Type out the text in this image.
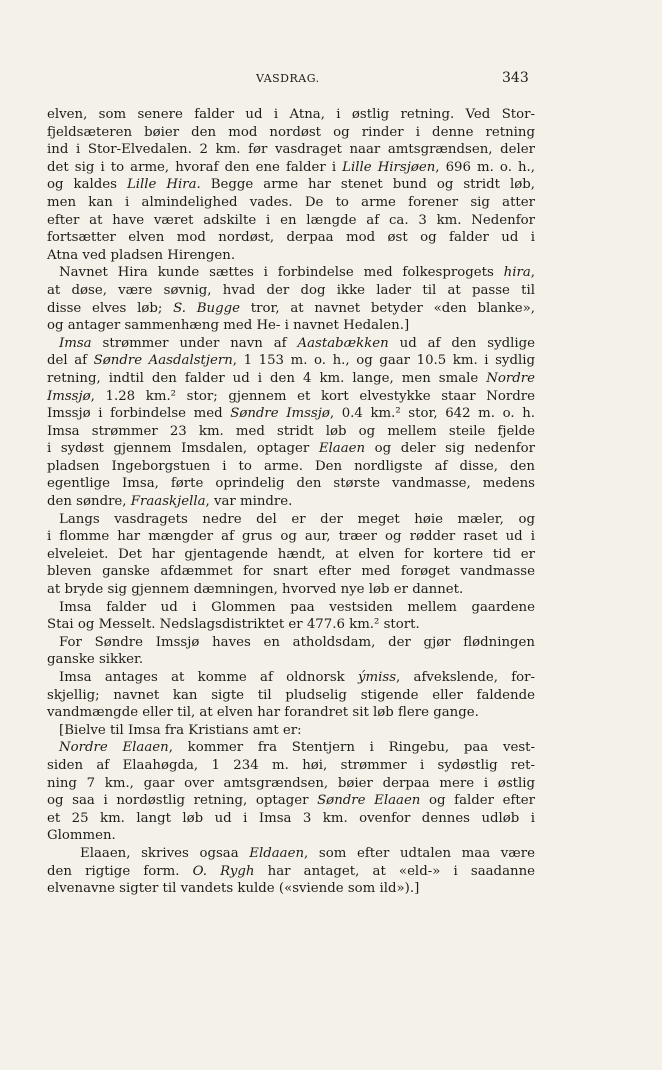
VASDRAG.	343
elven, som senere falder ud i Atna, i østlig retning. Ved Stor-
fjeldsæteren bøier den mod nordøst og rinder i denne retning
ind i Stor-Elvedalen. 2 km. før vasdraget naar amtsgrændsen, deler
det sig i to arme, hvoraf den ene falder i Lille Hirsjøen, 696 m. o. h.,
og kaldes Lille Hira. Begge arme har stenet bund og stridt løb,
men kan i almindelighed vades. De to arme forener sig atter
efter at have været adskilte i en længde af ca. 3 km. Nedenfor
fortsætter elven mod nordøst, derpaa mod øst og falder ud i
Atna ved pladsen Hirengen.
Navnet Hira kunde sættes i forbindelse med folkesprogets hira,
at døse, være søvnig, hvad der dog ikke lader til at passe til
disse elves løb; S. Bugge tror, at navnet betyder «den blanke»,
og antager sammenhæng med He- i navnet Hedalen.]
Imsa strømmer under navn af Aastabækken ud af den sydlige
del af Søndre Aasdalstjern, 1 153 m. o. h., og gaar 10.5 km. i sydlig
retning, indtil den falder ud i den 4 km. lange, men smale Nordre
Imssjø, 1.28 km.² stor; gjennem et kort elvestykke staar Nordre
Imssjø i forbindelse med Søndre Imssjø, 0.4 km.² stor, 642 m. o. h.
Imsa strømmer 23 km. med stridt løb og mellem steile fjelde
i sydøst gjennem Imsdalen, optager Elaaen og deler sig nedenfor
pladsen Ingeborgstuen i to arme. Den nordligste af disse, den
egentlige Imsa, førte oprindelig den største vandmasse, medens
den søndre, Fraaskjella, var mindre.
Langs vasdragets nedre del er der meget høie mæler, og
i flomme har mængder af grus og aur, træer og rødder raset ud i
elveleiet. Det har gjentagende hændt, at elven for kortere tid er
bleven ganske afdæmmet for snart efter med forøget vandmasse
at bryde sig gjennem dæmningen, hvorved nye løb er dannet.
Imsa falder ud i Glommen paa vestsiden mellem gaardene
Stai og Messelt. Nedslagsdistriktet er 477.6 km.² stort.
For Søndre Imssjø haves en atholdsdam, der gjør flødningen
ganske sikker.
Imsa antages at komme af oldnorsk ýmiss, afvekslende, for-
skjellig; navnet kan sigte til pludselig stigende eller faldende
vandmængde eller til, at elven har forandret sit løb flere gange.
[Bielve til Imsa fra Kristians amt er:
Nordre Elaaen, kommer fra Stentjern i Ringebu, paa vest-
siden af Elaahøgda, 1 234 m. høi, strømmer i sydøstlig ret-
ning 7 km., gaar over amtsgrændsen, bøier derpaa mere i østlig
og saa i nordøstlig retning, optager Søndre Elaaen og falder efter
et 25 km. langt løb ud i Imsa 3 km. ovenfor dennes udløb i
Glommen.
Elaaen, skrives ogsaa Eldaaen, som efter udtalen maa være
den rigtige form. O. Rygh har antaget, at «eld-» i saadanne
elvenavne sigter til vandets kulde («sviende som ild»).]
